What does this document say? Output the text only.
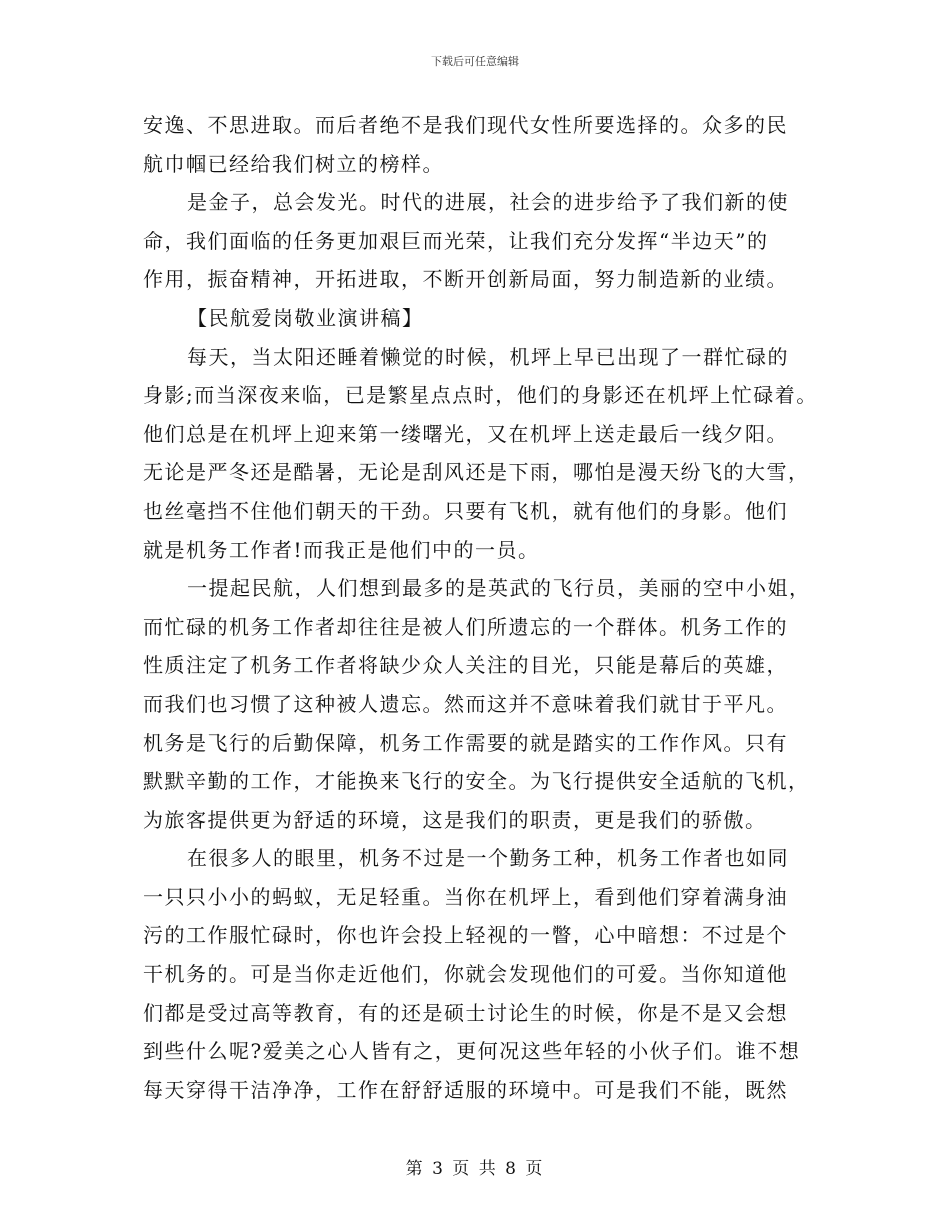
下载后可任意编辑
安逸、不思进取。而后者绝不是我们现代女性所要选择的。众多的民
航巾帼已经给我们树立的榜样。
是金子，总会发光。时代的进展，社会的进步给予了我们新的使
命，我们面临的任务更加艰巨而光荣，让我们充分发挥“半边天”的
作用，振奋精神，开拓进取，不断开创新局面，努力制造新的业绩。
【民航爱岗敬业演讲稿】
每天，当太阳还睡着懒觉的时候，机坪上早已出现了一群忙碌的
身影;而当深夜来临，已是繁星点点时，他们的身影还在机坪上忙碌着。
他们总是在机坪上迎来第一缕曙光，又在机坪上送走最后一线夕阳。
无论是严冬还是酷暑，无论是刮风还是下雨，哪怕是漫天纷飞的大雪，
也丝毫挡不住他们朝天的干劲。只要有飞机，就有他们的身影。他们
就是机务工作者!而我正是他们中的一员。
一提起民航，人们想到最多的是英武的飞行员，美丽的空中小姐，
而忙碌的机务工作者却往往是被人们所遗忘的一个群体。机务工作的
性质注定了机务工作者将缺少众人关注的目光，只能是幕后的英雄，
而我们也习惯了这种被人遗忘。然而这并不意味着我们就甘于平凡。
机务是飞行的后勤保障，机务工作需要的就是踏实的工作作风。只有
默默辛勤的工作，才能换来飞行的安全。为飞行提供安全适航的飞机，
为旅客提供更为舒适的环境，这是我们的职责，更是我们的骄傲。
在很多人的眼里，机务不过是一个勤务工种，机务工作者也如同
一只只小小的蚂蚁，无足轻重。当你在机坪上，看到他们穿着满身油
污的工作服忙碌时，你也许会投上轻视的一瞥，心中暗想：不过是个
干机务的。可是当你走近他们，你就会发现他们的可爱。当你知道他
们都是受过高等教育，有的还是硕士讨论生的时候，你是不是又会想
到些什么呢?爱美之心人皆有之，更何况这些年轻的小伙子们。谁不想
每天穿得干洁净净，工作在舒舒适服的环境中。可是我们不能，既然
第 3 页 共 8 页
